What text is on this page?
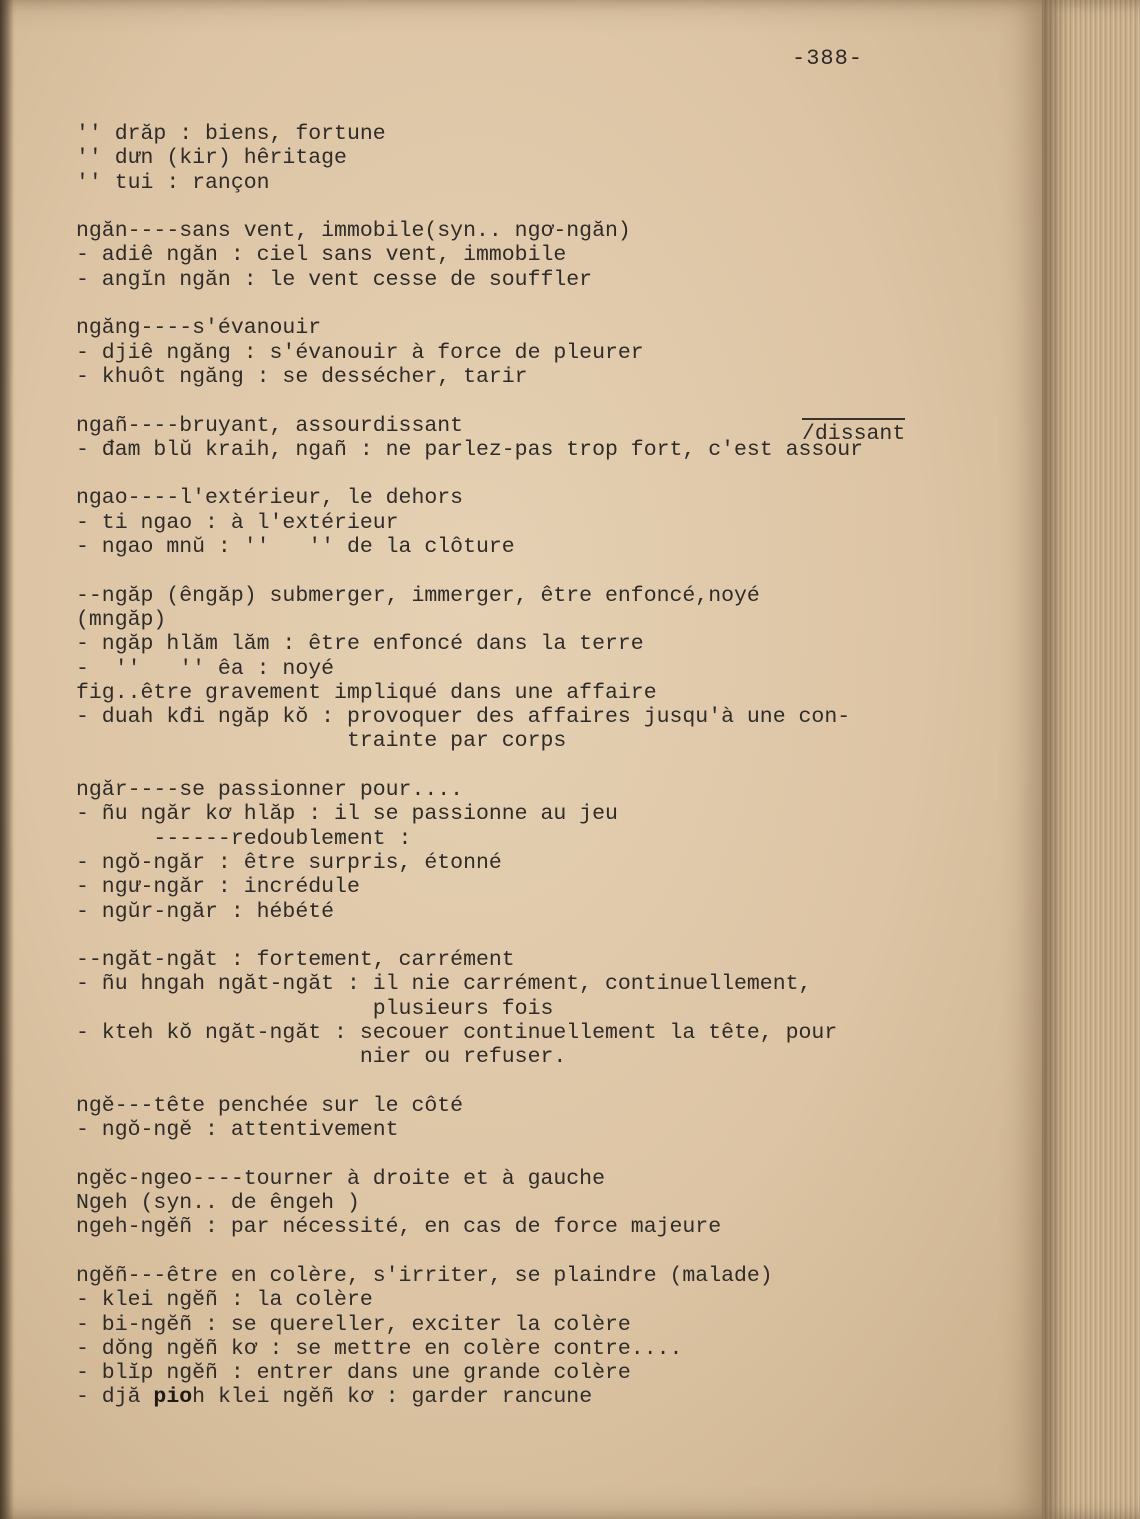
-388-
'' drăp : biens, fortune
'' dưn (kir) hêritage
'' tui : rançon
ngăn----sans vent, immobile(syn.. ngơ-ngăn)
- adiê ngăn : ciel sans vent, immobile
- angĭn ngăn : le vent cesse de souffler
ngăng----s'évanouir
- djiê ngăng : s'évanouir à force de pleurer
- khuôt ngăng : se dessécher, tarir
ngañ----bruyant, assourdissant
- đam blŭ kraih, ngañ : ne parlez-pas trop fort, c'est assour
ngao----l'extérieur, le dehors
- ti ngao : à l'extérieur
- ngao mnŭ : ''   '' de la clôture
--ngăp (êngăp) submerger, immerger, être enfoncé,noyé
(mngăp)
- ngăp hlăm lăm : être enfoncé dans la terre
-  ''   '' êa : noyé
fig..être gravement impliqué dans une affaire
- duah kđi ngăp kŏ : provoquer des affaires jusqu'à une con-
trainte par corps
ngăr----se passionner pour....
- ñu ngăr kơ hlăp : il se passionne au jeu
------redoublement :
- ngŏ-ngăr : être surpris, étonné
- ngư-ngăr : incrédule
- ngŭr-ngăr : hébété
--ngăt-ngăt : fortement, carrément
- ñu hngah ngăt-ngăt : il nie carrément, continuellement,
plusieurs fois
- kteh kŏ ngăt-ngăt : secouer continuellement la tête, pour
nier ou refuser.
ngĕ---tête penchée sur le côté
- ngŏ-ngĕ : attentivement
ngĕc-ngeo----tourner à droite et à gauche
Ngeh (syn.. de êngeh )
ngeh-ngĕñ : par nécessité, en cas de force majeure
ngĕñ---être en colère, s'irriter, se plaindre (malade)
- klei ngĕñ : la colère
- bi-ngĕñ : se quereller, exciter la colère
- dŏng ngĕñ kơ : se mettre en colère contre....
- blĭp ngĕñ : entrer dans une grande colère
- djă pioh klei ngĕñ kơ : garder rancune
/dissant
